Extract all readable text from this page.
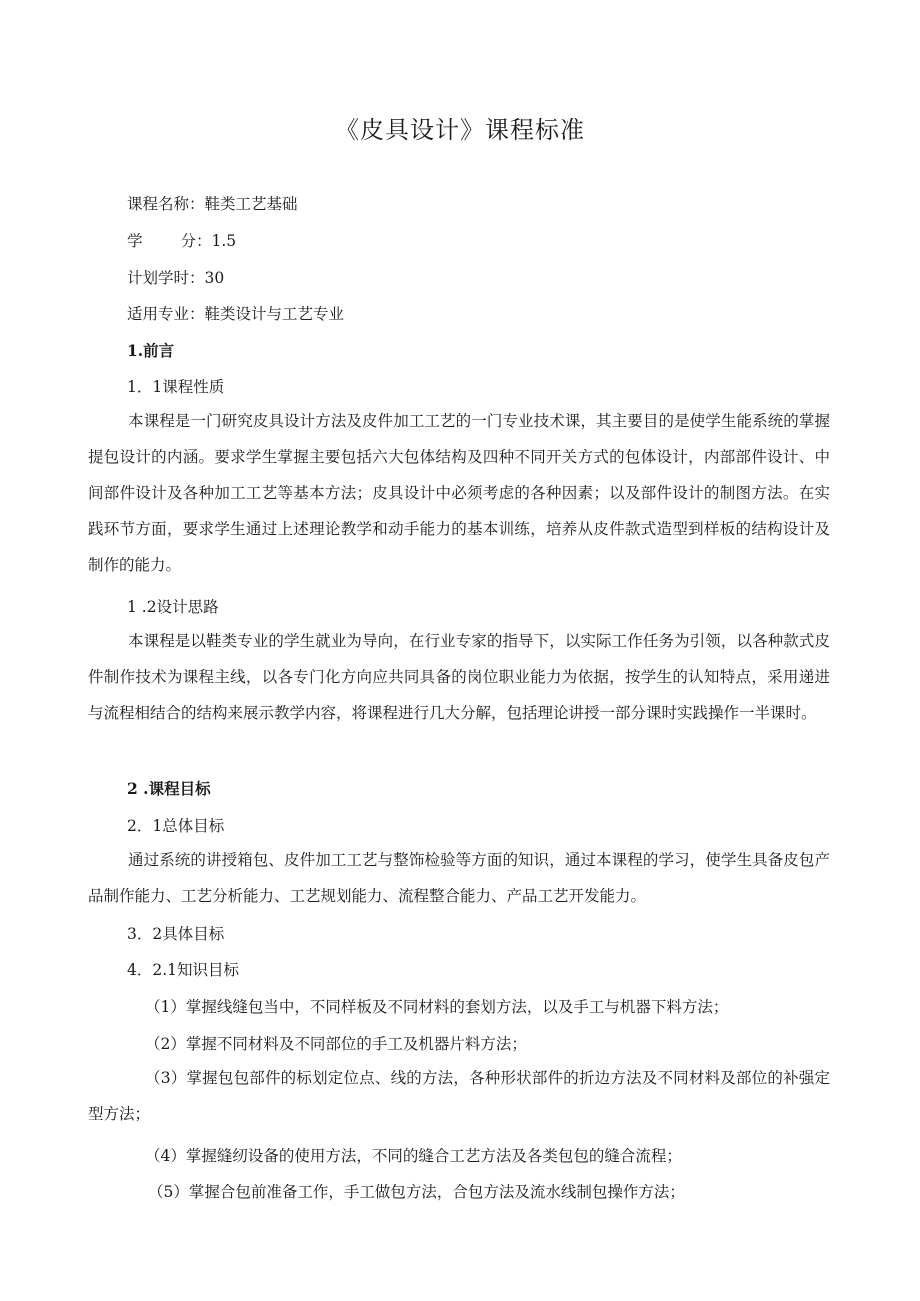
《皮具设计》课程标准
课程名称：鞋类工艺基础
学 分：1.5
计划学时：30
适用专业：鞋类设计与工艺专业
1.前言
1．1课程性质

本课程是一门研究皮具设计方法及皮件加工工艺的一门专业技术课，其主要目的是使学生能系统的掌握提包设计的内涵。要求学生掌握主要包括六大包体结构及四种不同开关方式的包体设计，内部部件设计、中间部件设计及各种加工工艺等基本方法；皮具设计中必须考虑的各种因素；以及部件设计的制图方法。在实践环节方面，要求学生通过上述理论教学和动手能力的基本训练，培养从皮件款式造型到样板的结构设计及制作的能力。

1 .2设计思路

本课程是以鞋类专业的学生就业为导向，在行业专家的指导下，以实际工作任务为引领，以各种款式皮件制作技术为课程主线，以各专门化方向应共同具备的岗位职业能力为依据，按学生的认知特点，采用递进与流程相结合的结构来展示教学内容，将课程进行几大分解，包括理论讲授一部分课时实践操作一半课时。

2 .课程目标
2．1总体目标

通过系统的讲授箱包、皮件加工工艺与整饰检验等方面的知识，通过本课程的学习，使学生具备皮包产品制作能力、工艺分析能力、工艺规划能力、流程整合能力、产品工艺开发能力。

3．2具体目标
4．2.1知识目标
（1）掌握线缝包当中，不同样板及不同材料的套划方法，以及手工与机器下料方法；
（2）掌握不同材料及不同部位的手工及机器片料方法；

（3）掌握包包部件的标划定位点、线的方法，各种形状部件的折边方法及不同材料及部位的补强定型方法；

（4）掌握缝纫设备的使用方法，不同的缝合工艺方法及各类包包的缝合流程；
（5）掌握合包前准备工作，手工做包方法，合包方法及流水线制包操作方法；
